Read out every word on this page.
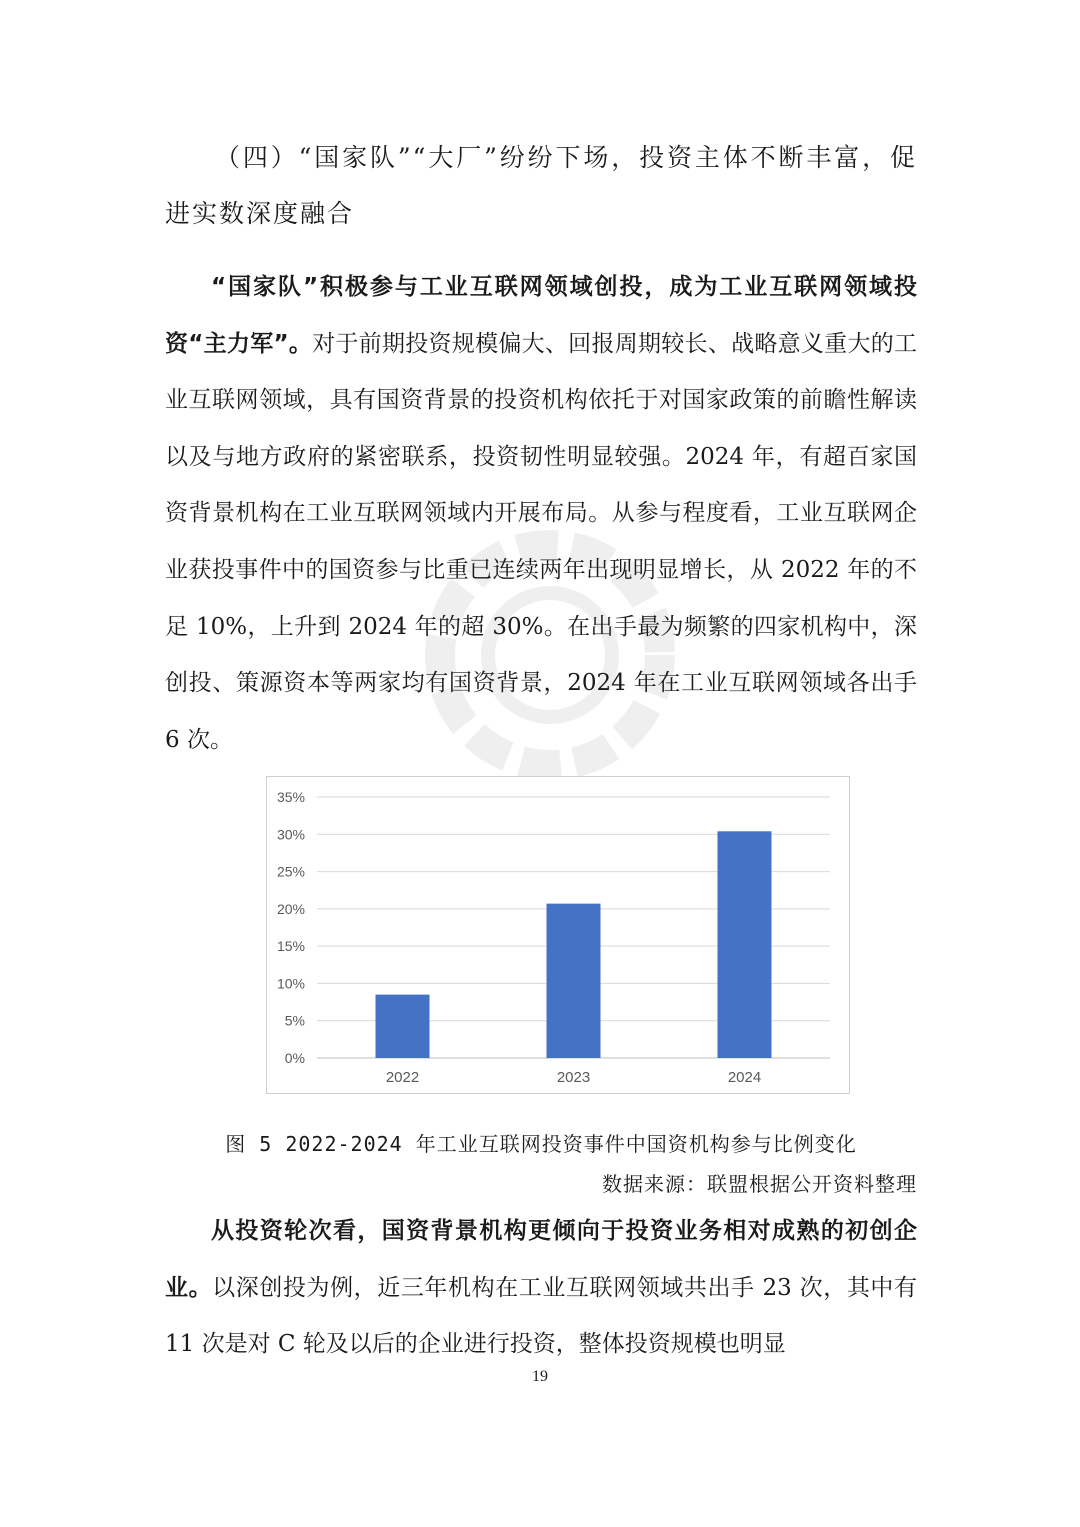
（四）“国家队”“大厂”纷纷下场，投资主体不断丰富，促进实数深度融合

“国家队”积极参与工业互联网领域创投，成为工业互联网领域投资“主力军”。对于前期投资规模偏大、回报周期较长、战略意义重大的工业互联网领域，具有国资背景的投资机构依托于对国家政策的前瞻性解读以及与地方政府的紧密联系，投资韧性明显较强。2024 年，有超百家国资背景机构在工业互联网领域内开展布局。从参与程度看，工业互联网企业获投事件中的国资参与比重已连续两年出现明显增长，从 2022 年的不足 10%，上升到 2024 年的超 30%。在出手最为频繁的四家机构中，深创投、策源资本等两家均有国资背景，2024 年在工业互联网领域各出手 6 次。

0%
5%
10%
15%
20%
25%
30%
35%
2022	2023	2024
图 5 2022-2024 年工业互联网投资事件中国资机构参与比例变化
数据来源：联盟根据公开资料整理

从投资轮次看，国资背景机构更倾向于投资业务相对成熟的初创企业。以深创投为例，近三年机构在工业互联网领域共出手 23 次，其中有 11 次是对 C 轮及以后的企业进行投资，整体投资规模也明显

19
